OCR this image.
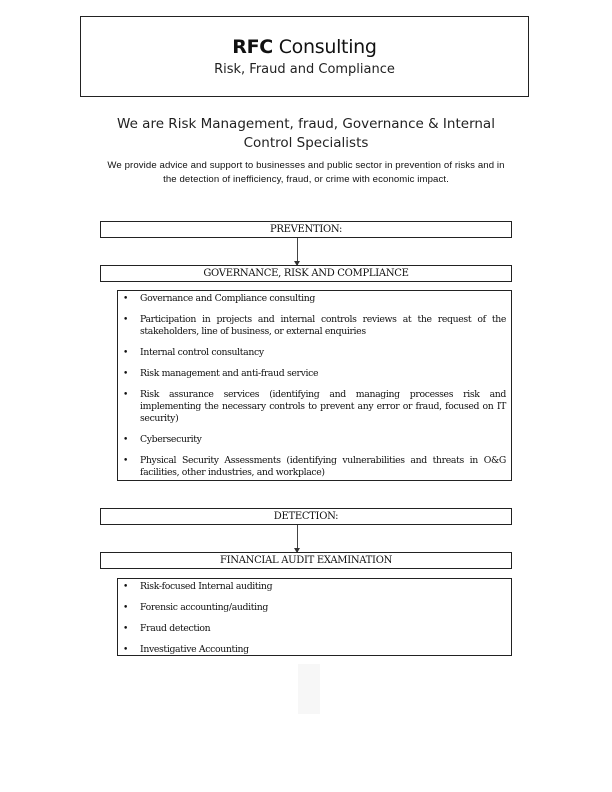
RFC Consulting
Risk, Fraud and Compliance
We are Risk Management, fraud, Governance & Internal Control Specialists
We provide advice and support to businesses and public sector in prevention of risks and in the detection of inefficiency, fraud, or crime with economic impact.
PREVENTION:
GOVERNANCE, RISK AND COMPLIANCE
• Governance and Compliance consulting
• Participation in projects and internal controls reviews at the request of the stakeholders, line of business, or external enquiries
• Internal control consultancy
• Risk management and anti-fraud service
• Risk assurance services (identifying and managing processes risk and implementing the necessary controls to prevent any error or fraud, focused on IT security)
• Cybersecurity
• Physical Security Assessments (identifying vulnerabilities and threats in O&G facilities, other industries, and workplace)
DETECTION:
FINANCIAL AUDIT EXAMINATION
• Risk-focused Internal auditing
• Forensic accounting/auditing
• Fraud detection
• Investigative Accounting
